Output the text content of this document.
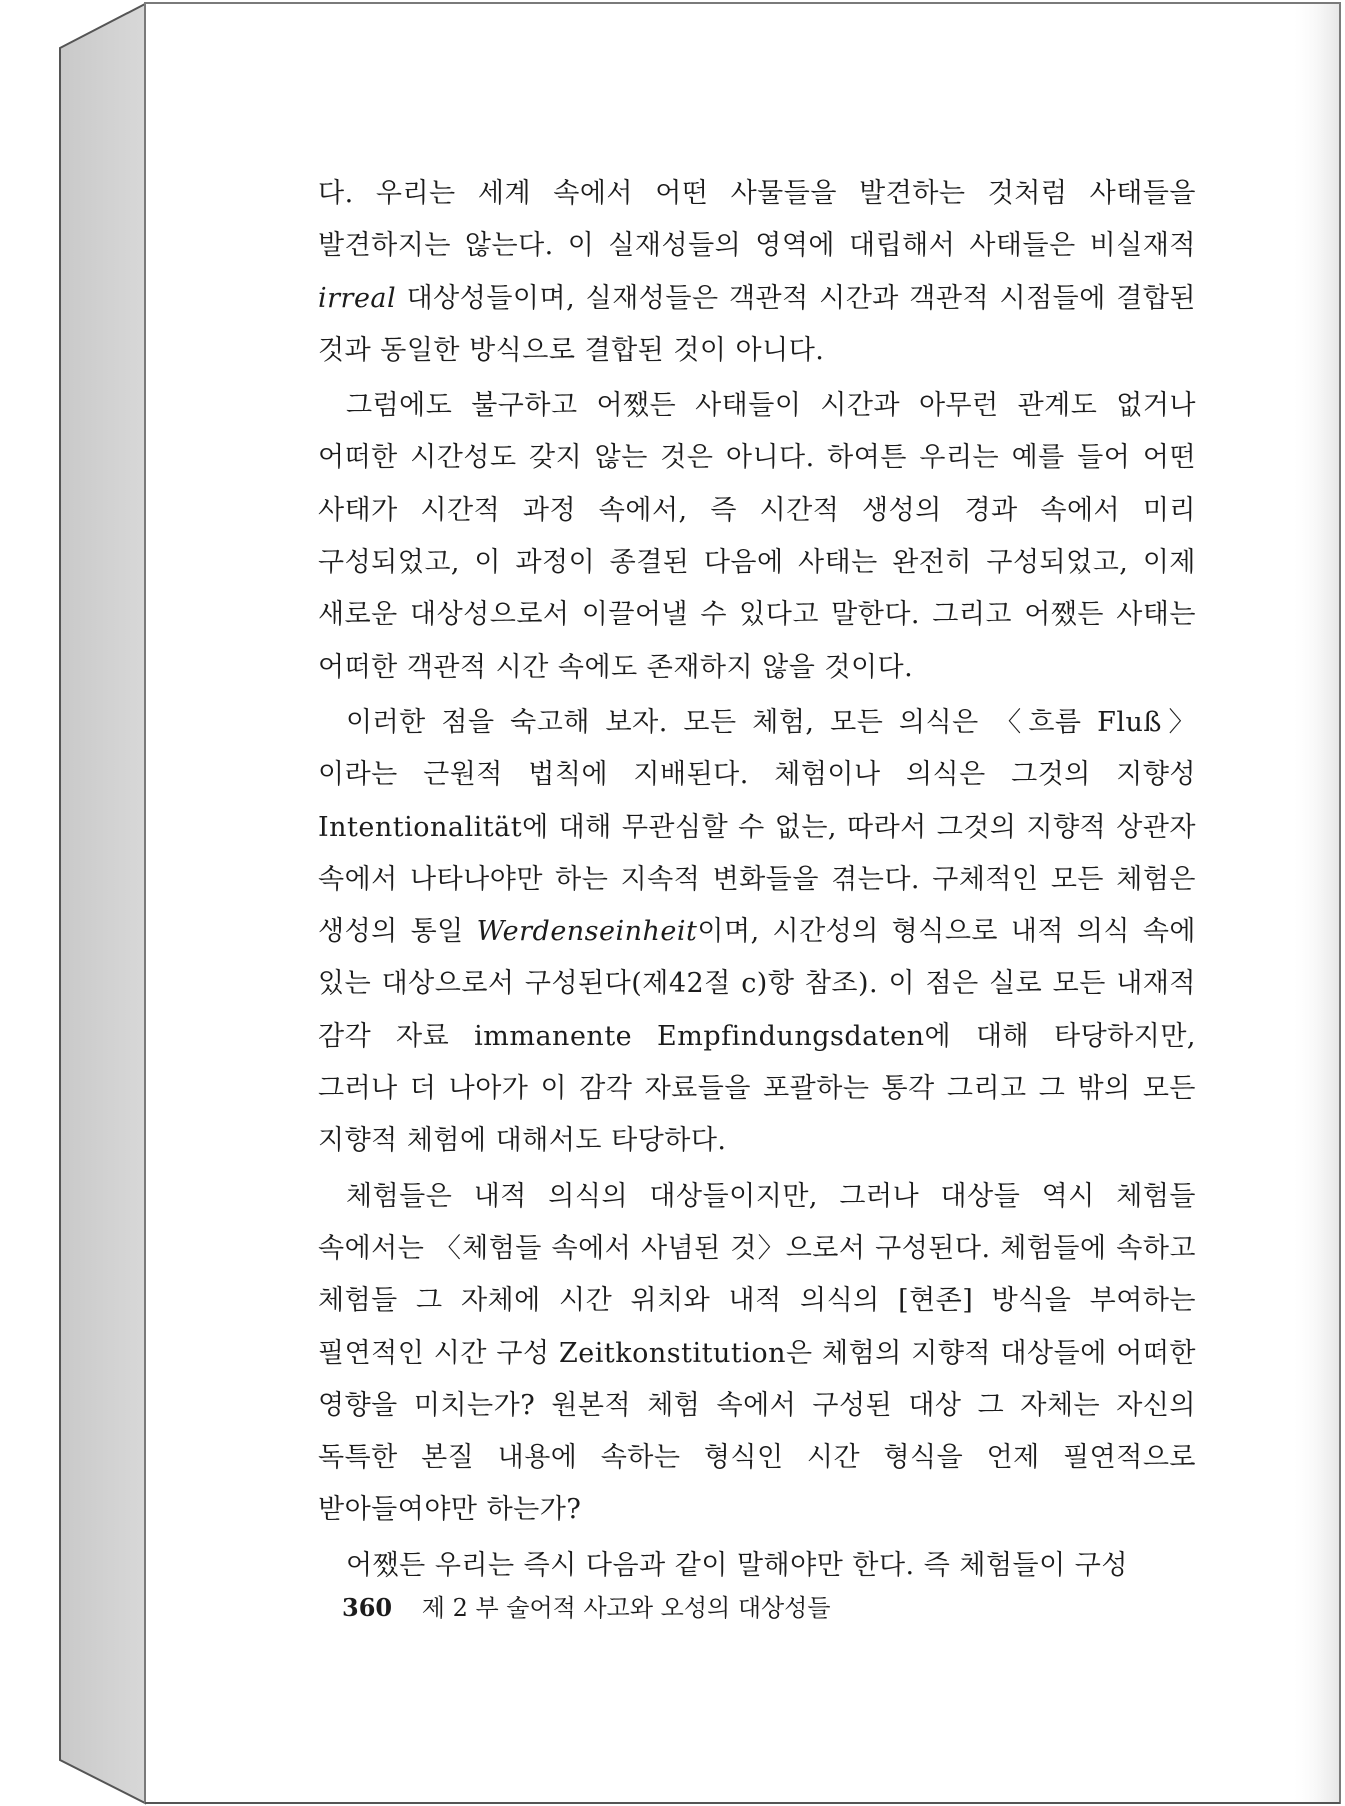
다. 우리는 세계 속에서 어떤 사물들을 발견하는 것처럼 사태들을 발견하지는 않는다. 이 실재성들의 영역에 대립해서 사태들은 비실재적 irreal 대상성들이며, 실재성들은 객관적 시간과 객관적 시점들에 결합된 것과 동일한 방식으로 결합된 것이 아니다.

그럼에도 불구하고 어쨌든 사태들이 시간과 아무런 관계도 없거나 어떠한 시간성도 갖지 않는 것은 아니다. 하여튼 우리는 예를 들어 어떤 사태가 시간적 과정 속에서, 즉 시간적 생성의 경과 속에서 미리 구성되었고, 이 과정이 종결된 다음에 사태는 완전히 구성되었고, 이제 새로운 대상성으로서 이끌어낼 수 있다고 말한다. 그리고 어쨌든 사태는 어떠한 객관적 시간 속에도 존재하지 않을 것이다.

이러한 점을 숙고해 보자. 모든 체험, 모든 의식은 〈흐름 Fluß〉이라는 근원적 법칙에 지배된다. 체험이나 의식은 그것의 지향성 Intentionalität에 대해 무관심할 수 없는, 따라서 그것의 지향적 상관자 속에서 나타나야만 하는 지속적 변화들을 겪는다. 구체적인 모든 체험은 생성의 통일 Werdenseinheit이며, 시간성의 형식으로 내적 의식 속에 있는 대상으로서 구성된다(제42절 c)항 참조). 이 점은 실로 모든 내재적 감각 자료 immanente Empfindungsdaten에 대해 타당하지만, 그러나 더 나아가 이 감각 자료들을 포괄하는 통각 그리고 그 밖의 모든 지향적 체험에 대해서도 타당하다.

체험들은 내적 의식의 대상들이지만, 그러나 대상들 역시 체험들 속에서는 〈체험들 속에서 사념된 것〉으로서 구성된다. 체험들에 속하고 체험들 그 자체에 시간 위치와 내적 의식의 [현존] 방식을 부여하는 필연적인 시간 구성 Zeitkonstitution은 체험의 지향적 대상들에 어떠한 영향을 미치는가? 원본적 체험 속에서 구성된 대상 그 자체는 자신의 독특한 본질 내용에 속하는 형식인 시간 형식을 언제 필연적으로 받아들여야만 하는가?

어쨌든 우리는 즉시 다음과 같이 말해야만 한다. 즉 체험들이 구성

360 제 2 부 술어적 사고와 오성의 대상성들
